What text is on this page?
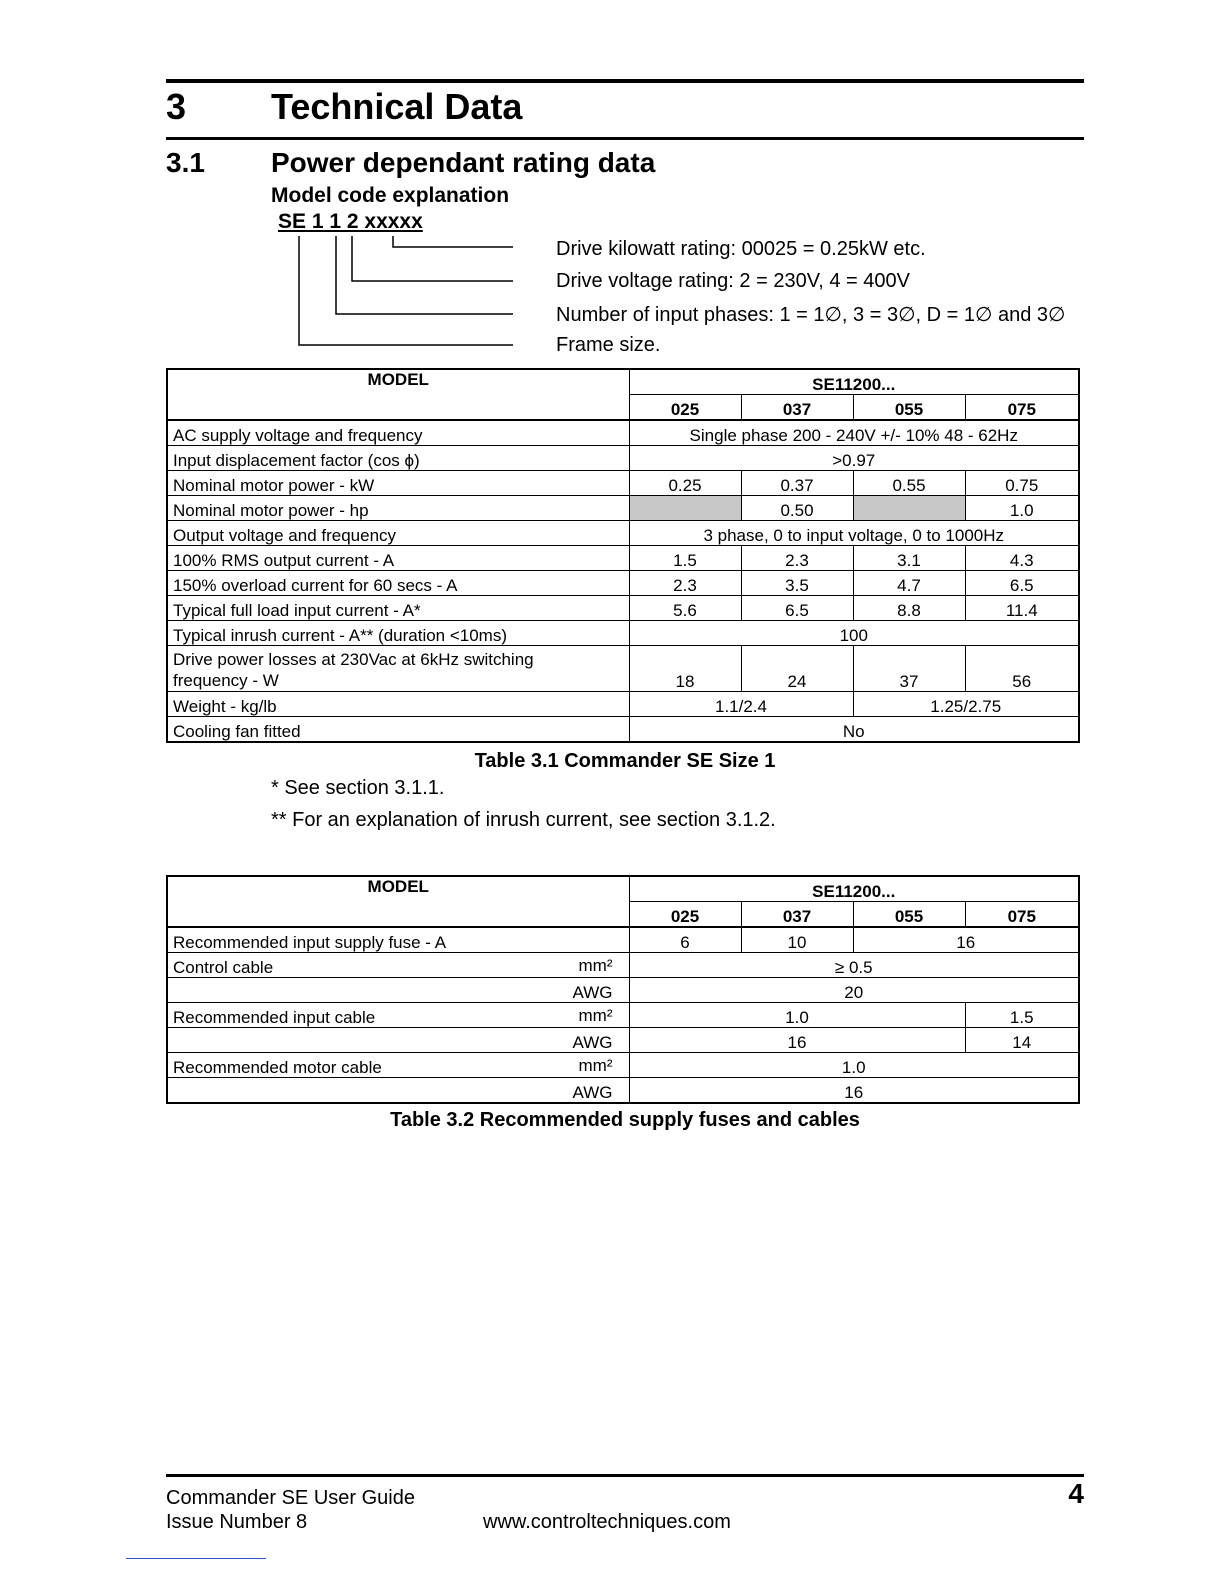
3 Technical Data
3.1 Power dependant rating data
Model code explanation
SE 1 1 2 xxxxx
Drive kilowatt rating: 00025 = 0.25kW etc.
Drive voltage rating: 2 = 230V, 4 = 400V
Number of input phases: 1 = 1∅, 3 = 3∅, D = 1∅ and 3∅
Frame size.
MODEL	SE11200...			
	025	037	055	075
AC supply voltage and frequency	Single phase 200 - 240V +/- 10% 48 - 62Hz			
Input displacement factor (cos ϕ)	>0.97			
Nominal motor power - kW	0.25	0.37	0.55	0.75
Nominal motor power - hp		0.50		1.0
Output voltage and frequency	3 phase, 0 to input voltage, 0 to 1000Hz			
100% RMS output current - A	1.5	2.3	3.1	4.3
150% overload current for 60 secs - A	2.3	3.5	4.7	6.5
Typical full load input current - A*	5.6	6.5	8.8	11.4
Typical inrush current - A** (duration <10ms)	100			
Drive power losses at 230Vac at 6kHz switching
frequency - W	18	24	37	56
Weight - kg/lb	1.1/2.4		1.25/2.75	
Cooling fan fitted	No			
Table 3.1 Commander SE Size 1
* See section 3.1.1.
** For an explanation of inrush current, see section 3.1.2.
MODEL	SE11200...			
	025	037	055	075
Recommended input supply fuse - A	6	10	16	
Control cable mm²	≥ 0.5			
AWG	20			
Recommended input cable mm²	1.0			1.5
AWG	16			14
Recommended motor cable mm²	1.0			
AWG	16			
Table 3.2 Recommended supply fuses and cables
Commander SE User Guide
Issue Number 8	www.controltechniques.com
4
